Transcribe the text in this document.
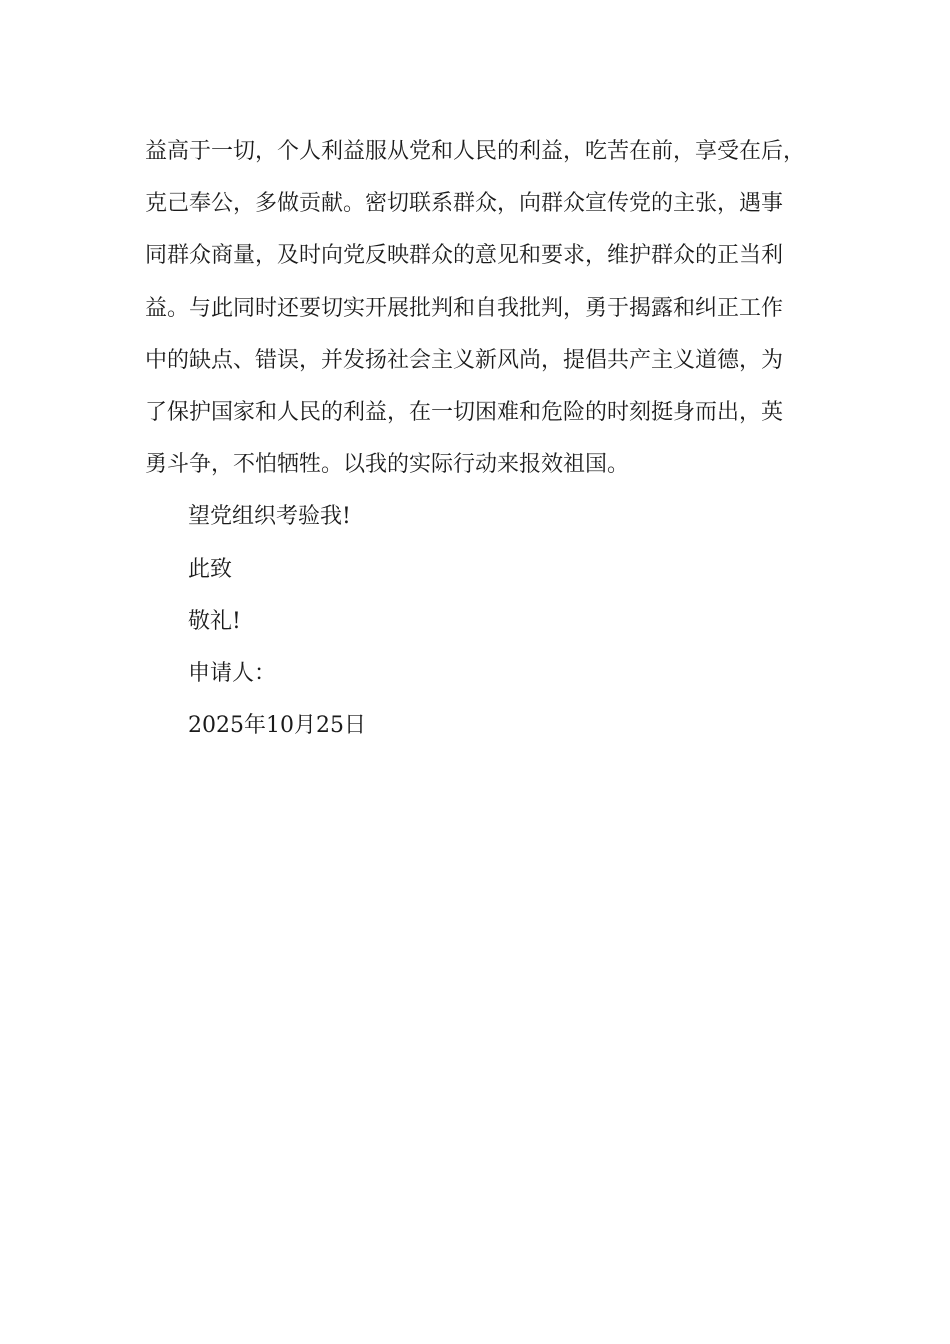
益高于一切，个人利益服从党和人民的利益，吃苦在前，享受在后，
克己奉公，多做贡献。密切联系群众，向群众宣传党的主张，遇事
同群众商量，及时向党反映群众的意见和要求，维护群众的正当利
益。与此同时还要切实开展批判和自我批判，勇于揭露和纠正工作
中的缺点、错误，并发扬社会主义新风尚，提倡共产主义道德，为
了保护国家和人民的利益，在一切困难和危险的时刻挺身而出，英
勇斗争，不怕牺牲。以我的实际行动来报效祖国。
望党组织考验我!
此致
敬礼!
申请人：
2025年10月25日
